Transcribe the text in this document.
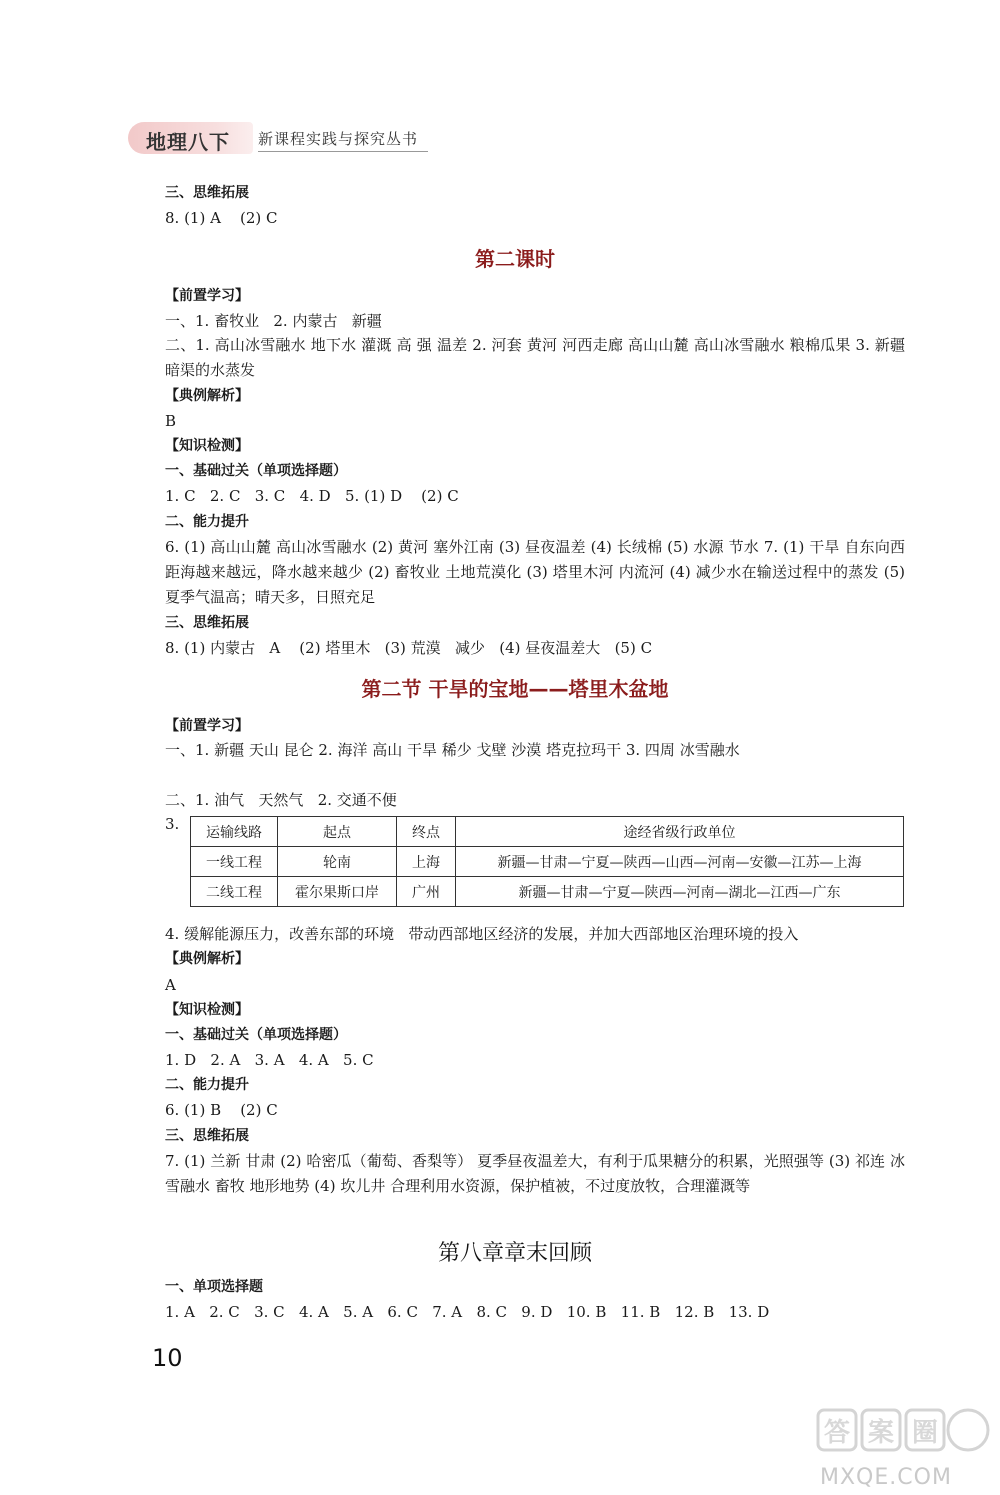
地理八下 新课程实践与探究丛书
三、思维拓展
8. (1) A    (2) C
第二课时
【前置学习】
一、1. 畜牧业   2. 内蒙古   新疆
二、1. 高山冰雪融水 地下水 灌溉 高 强 温差 2. 河套 黄河 河西走廊 高山山麓 高山冰雪融水 粮棉瓜果 3. 新疆 暗渠的水蒸发
【典例解析】
B
【知识检测】
一、基础过关（单项选择题）
1. C   2. C   3. C   4. D   5. (1) D    (2) C
二、能力提升
6. (1) 高山山麓 高山冰雪融水 (2) 黄河 塞外江南 (3) 昼夜温差 (4) 长绒棉 (5) 水源 节水 7. (1) 干旱 自东向西距海越来越远，降水越来越少 (2) 畜牧业 土地荒漠化 (3) 塔里木河 内流河 (4) 减少水在输送过程中的蒸发 (5) 夏季气温高；晴天多，日照充足
三、思维拓展
8. (1) 内蒙古   A    (2) 塔里木   (3) 荒漠   减少   (4) 昼夜温差大   (5) C
第二节 干旱的宝地——塔里木盆地
【前置学习】
一、1. 新疆 天山 昆仑 2. 海洋 高山 干旱 稀少 戈壁 沙漠 塔克拉玛干 3. 四周 冰雪融水
二、1. 油气   天然气   2. 交通不便
3. 运输线路	起点	终点	途经省级行政单位
一线工程	轮南	上海	新疆—甘肃—宁夏—陕西—山西—河南—安徽—江苏—上海
二线工程	霍尔果斯口岸	广州	新疆—甘肃—宁夏—陕西—河南—湖北—江西—广东
4. 缓解能源压力，改善东部的环境   带动西部地区经济的发展，并加大西部地区治理环境的投入
【典例解析】
A
【知识检测】
一、基础过关（单项选择题）
1. D   2. A   3. A   4. A   5. C
二、能力提升
6. (1) B    (2) C
三、思维拓展
7. (1) 兰新 甘肃 (2) 哈密瓜（葡萄、香梨等） 夏季昼夜温差大，有利于瓜果糖分的积累，光照强等 (3) 祁连 冰雪融水 畜牧 地形地势 (4) 坎儿井 合理利用水资源，保护植被，不过度放牧，合理灌溉等
第八章章末回顾
一、单项选择题
1. A   2. C   3. C   4. A   5. A   6. C   7. A   8. C   9. D   10. B   11. B   12. B   13. D
10
答 案 圈
MXQE.COM
